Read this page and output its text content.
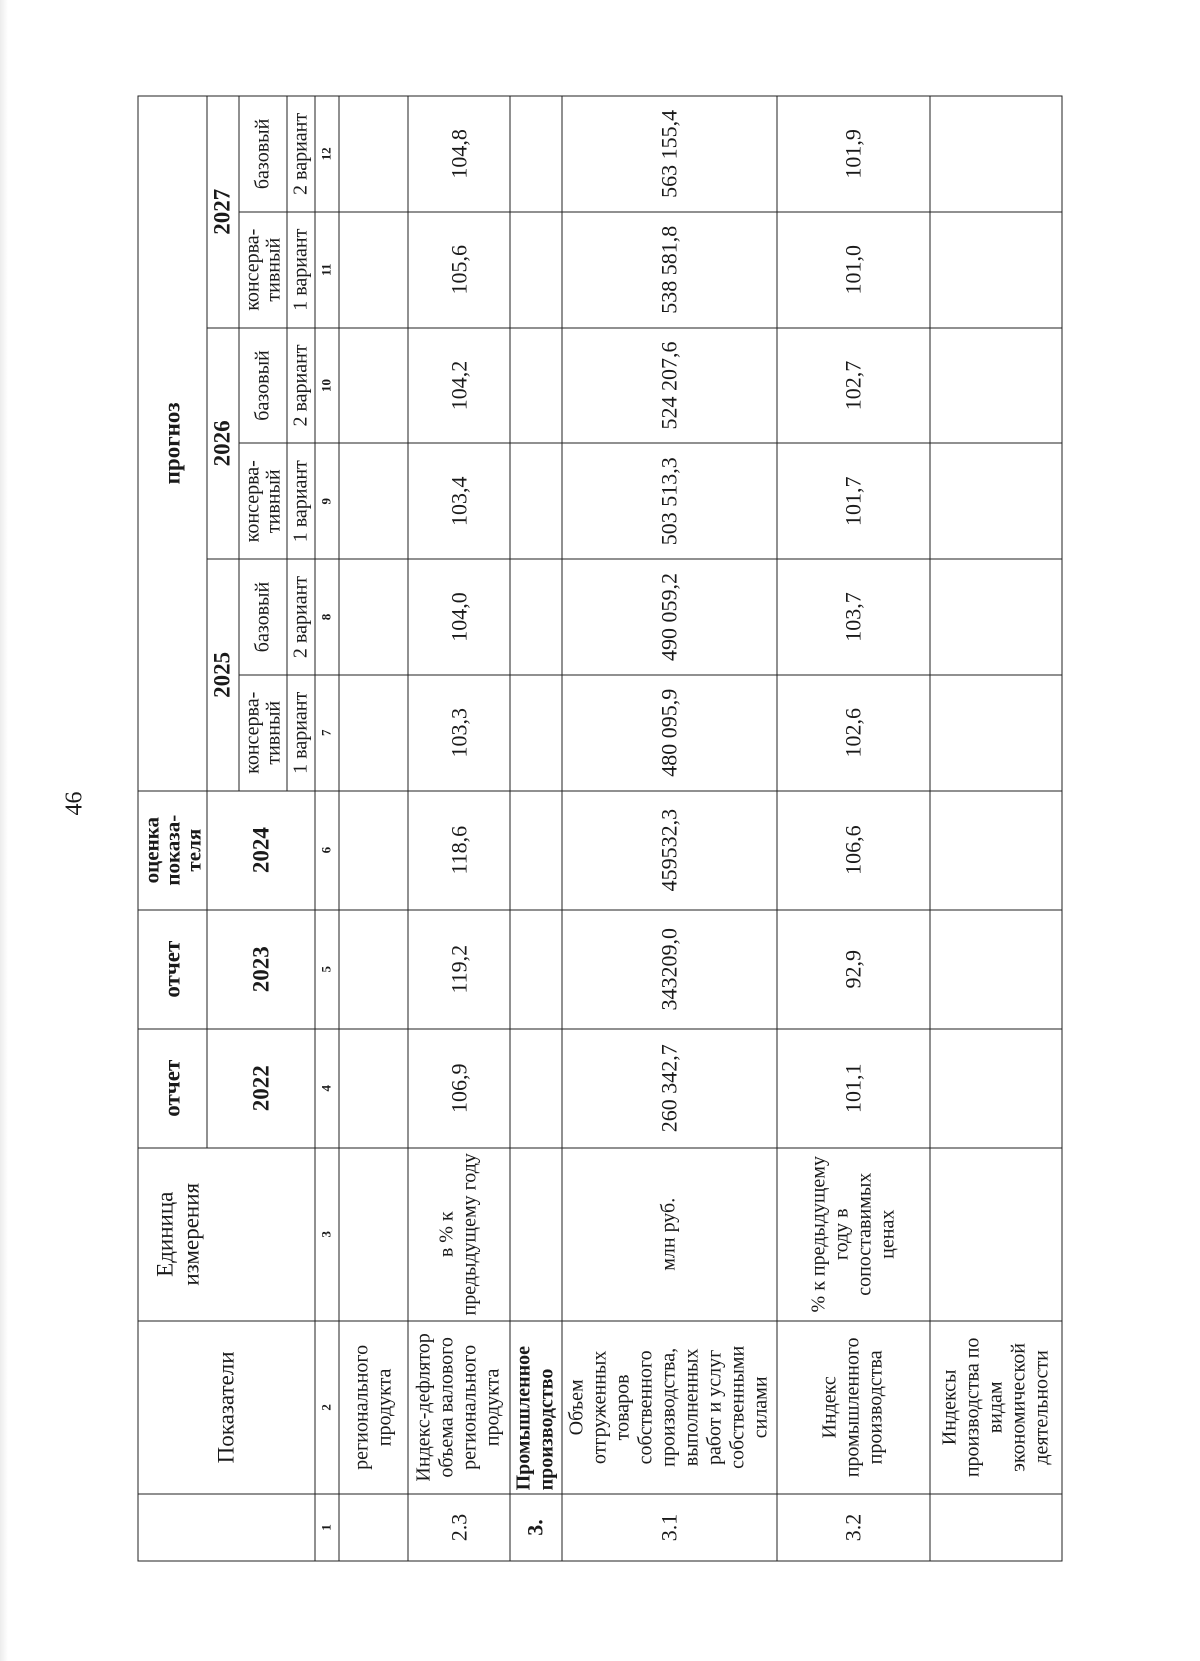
46
	Показатели	Единица измерения	отчет	отчет	оценка показа-теля	прогноз					
			2022	2023	2024	2025		2026		2027	
						консерва-тивный	базовый	консерва-тивный	базовый	консерва-тивный	базовый
						1 вариант	2 вариант	1 вариант	2 вариант	1 вариант	2 вариант
1	2	3	4	5	6	7	8	9	10	11	12
	регионального продукта										
2.3	Индекс-дефлятор объема валового регионального продукта	в % к предыдущему году	106,9	119,2	118,6	103,3	104,0	103,4	104,2	105,6	104,8
3.	Промышленное производство										
3.1	Объем отгруженных товаров собственного производства, выполненных работ и услуг собственными силами	млн руб.	260 342,7	343209,0	459532,3	480 095,9	490 059,2	503 513,3	524 207,6	538 581,8	563 155,4
3.2	Индекс промышленного производства	% к предыдущему году в сопоставимых ценах	101,1	92,9	106,6	102,6	103,7	101,7	102,7	101,0	101,9
	Индексы производства по видам экономической деятельности										
